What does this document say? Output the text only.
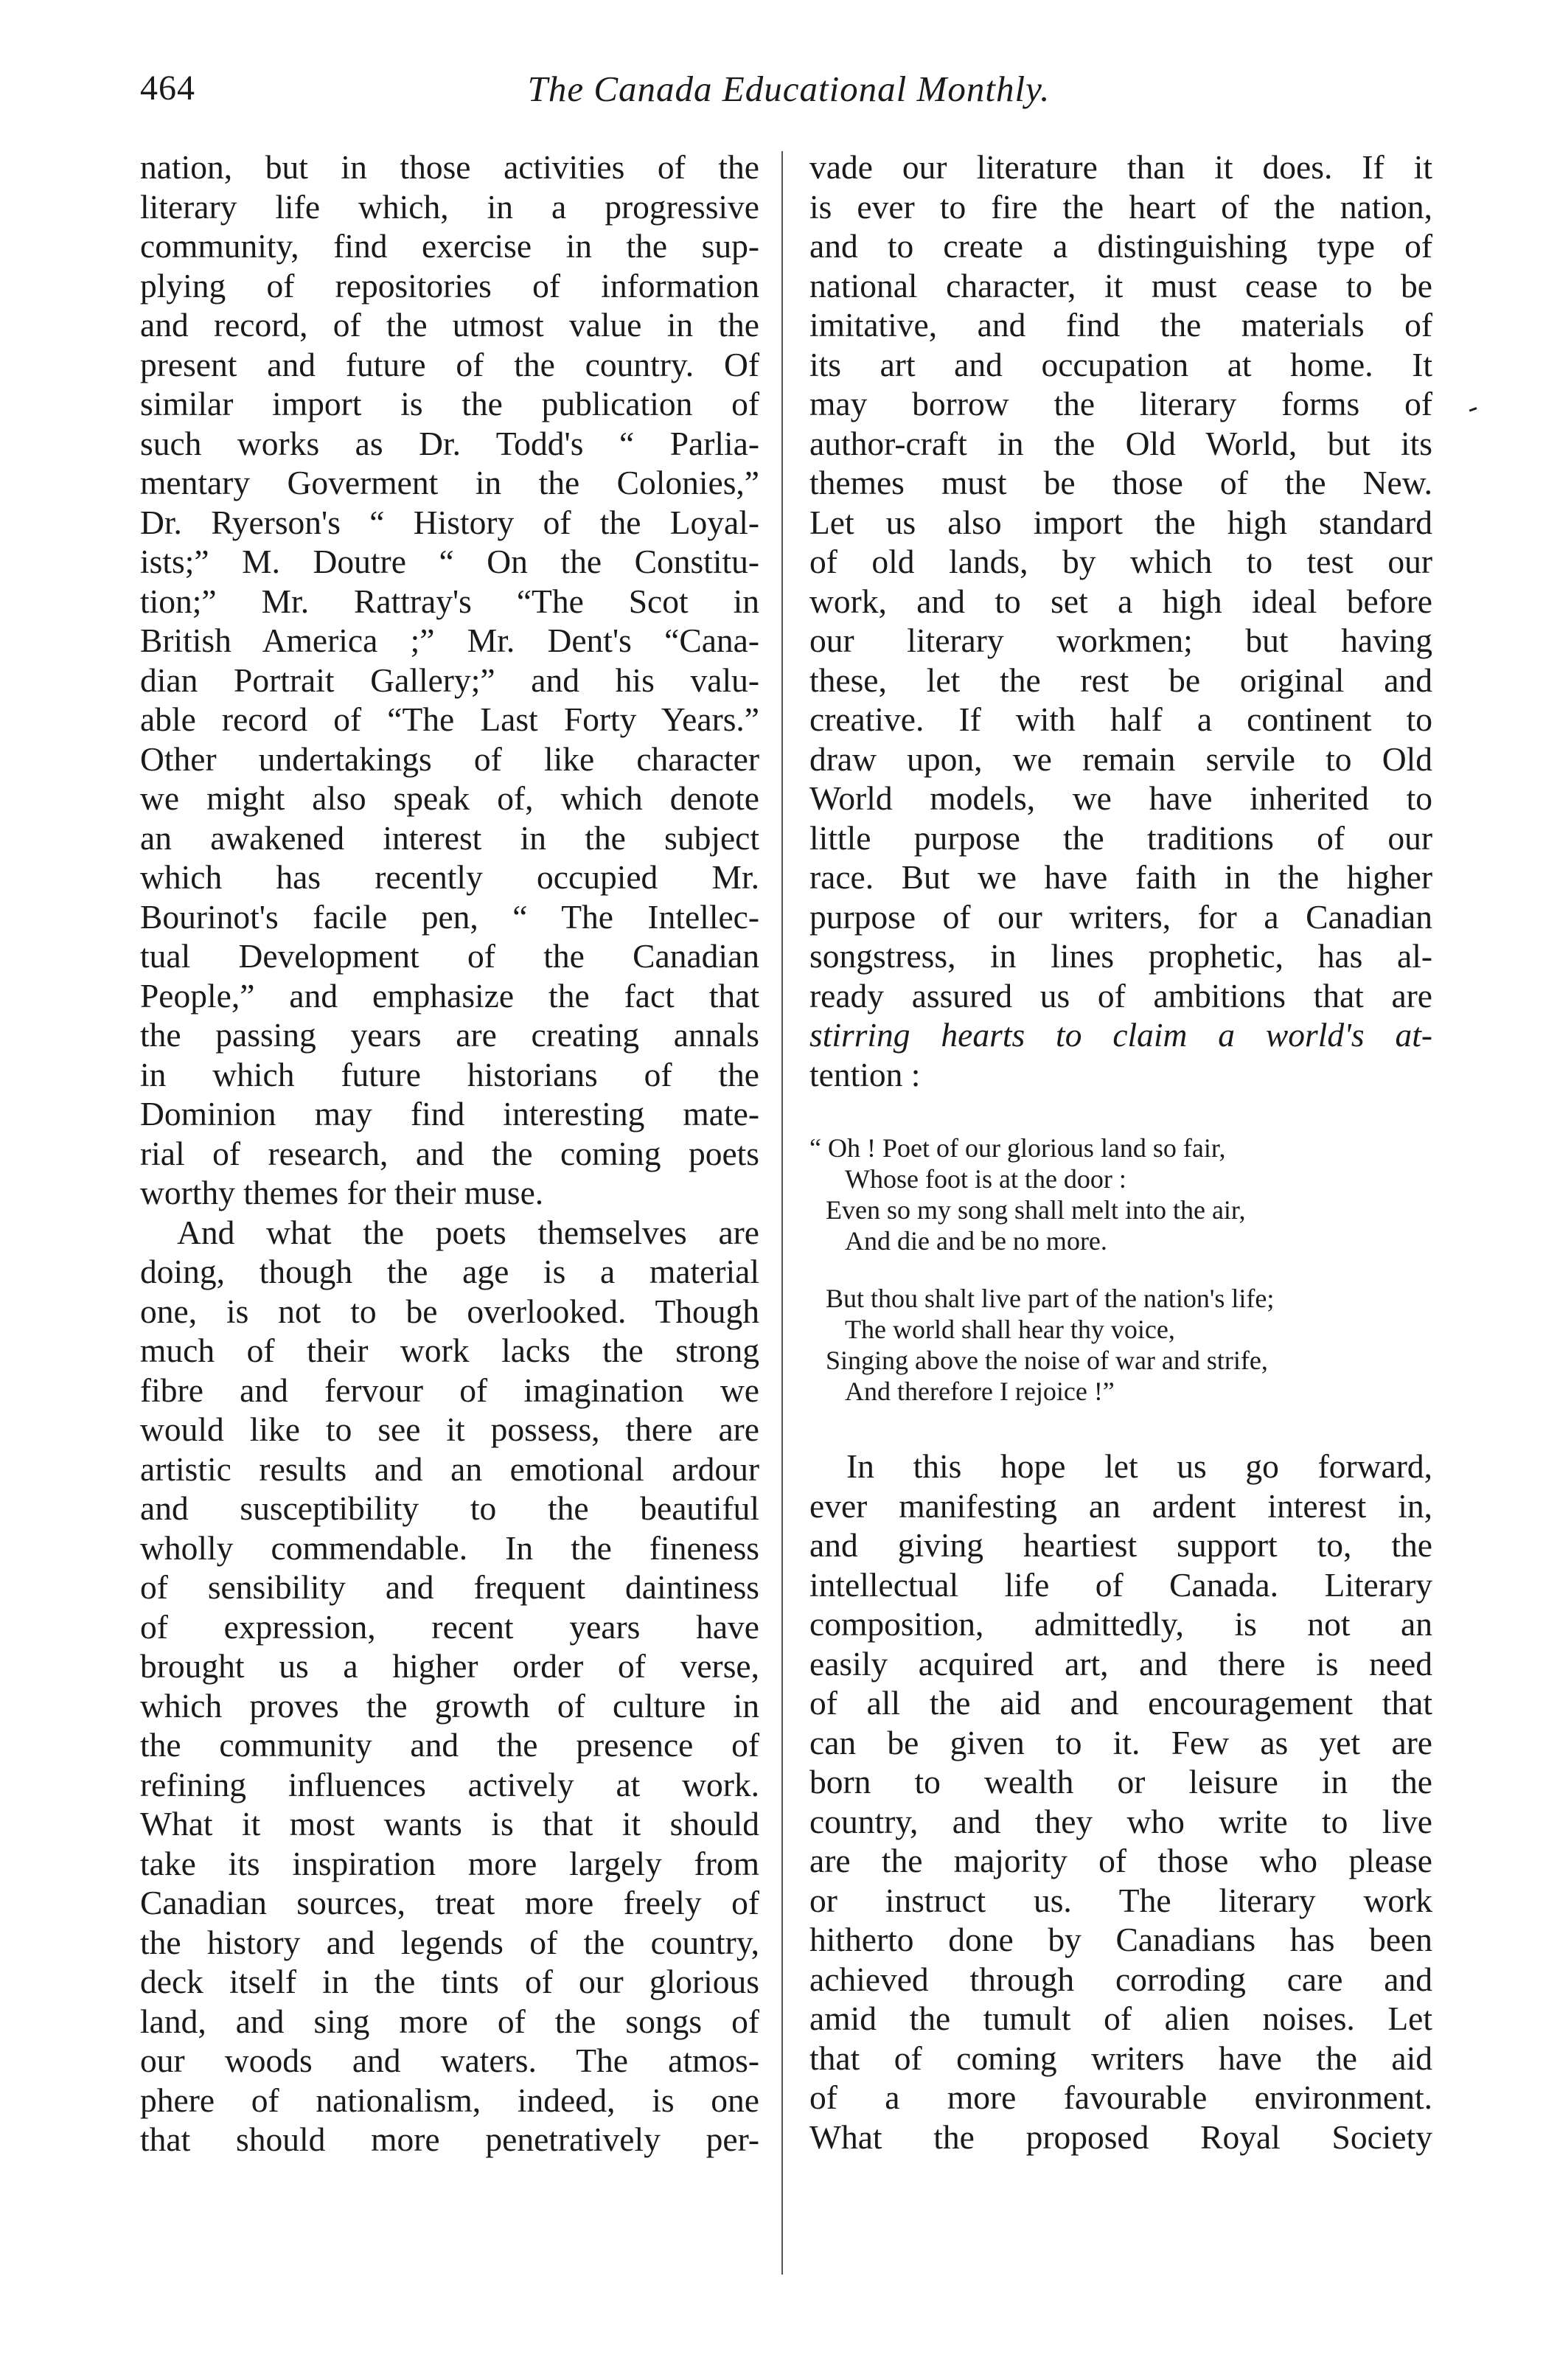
464	The Canada Educational Monthly.
nation, but in those activities of the
literary life which, in a progressive
community, find exercise in the sup-
plying of repositories of information
and record, of the utmost value in the
present and future of the country. Of
similar import is the publication of
such works as Dr. Todd's “ Parlia-
mentary Goverment in the Colonies,”
Dr. Ryerson's “ History of the Loyal-
ists;” M. Doutre “ On the Constitu-
tion;” Mr. Rattray's “The Scot in
British America ;” Mr. Dent's “Cana-
dian Portrait Gallery;” and his valu-
able record of “The Last Forty Years.”
Other undertakings of like character
we might also speak of, which denote
an awakened interest in the subject
which has recently occupied Mr.
Bourinot's facile pen, “ The Intellec-
tual Development of the Canadian
People,” and emphasize the fact that
the passing years are creating annals
in which future historians of the
Dominion may find interesting mate-
rial of research, and the coming poets
worthy themes for their muse.
And what the poets themselves are
doing, though the age is a material
one, is not to be overlooked. Though
much of their work lacks the strong
fibre and fervour of imagination we
would like to see it possess, there are
artistic results and an emotional ardour
and susceptibility to the beautiful
wholly commendable. In the fineness
of sensibility and frequent daintiness
of expression, recent years have
brought us a higher order of verse,
which proves the growth of culture in
the community and the presence of
refining influences actively at work.
What it most wants is that it should
take its inspiration more largely from
Canadian sources, treat more freely of
the history and legends of the country,
deck itself in the tints of our glorious
land, and sing more of the songs of
our woods and waters. The atmos-
phere of nationalism, indeed, is one
that should more penetratively per-
vade our literature than it does. If it
is ever to fire the heart of the nation,
and to create a distinguishing type of
national character, it must cease to be
imitative, and find the materials of
its art and occupation at home. It
may borrow the literary forms of
author-craft in the Old World, but its
themes must be those of the New.
Let us also import the high standard
of old lands, by which to test our
work, and to set a high ideal before
our literary workmen; but having
these, let the rest be original and
creative. If with half a continent to
draw upon, we remain servile to Old
World models, we have inherited to
little purpose the traditions of our
race. But we have faith in the higher
purpose of our writers, for a Canadian
songstress, in lines prophetic, has al-
ready assured us of ambitions that are
stirring hearts to claim a world's at-
tention :
“ Oh ! Poet of our glorious land so fair,
Whose foot is at the door :
Even so my song shall melt into the air,
And die and be no more.
But thou shalt live part of the nation's life;
The world shall hear thy voice,
Singing above the noise of war and strife,
And therefore I rejoice !”
In this hope let us go forward,
ever manifesting an ardent interest in,
and giving heartiest support to, the
intellectual life of Canada. Literary
composition, admittedly, is not an
easily acquired art, and there is need
of all the aid and encouragement that
can be given to it. Few as yet are
born to wealth or leisure in the
country, and they who write to live
are the majority of those who please
or instruct us. The literary work
hitherto done by Canadians has been
achieved through corroding care and
amid the tumult of alien noises. Let
that of coming writers have the aid
of a more favourable environment.
What the proposed Royal Society
-
